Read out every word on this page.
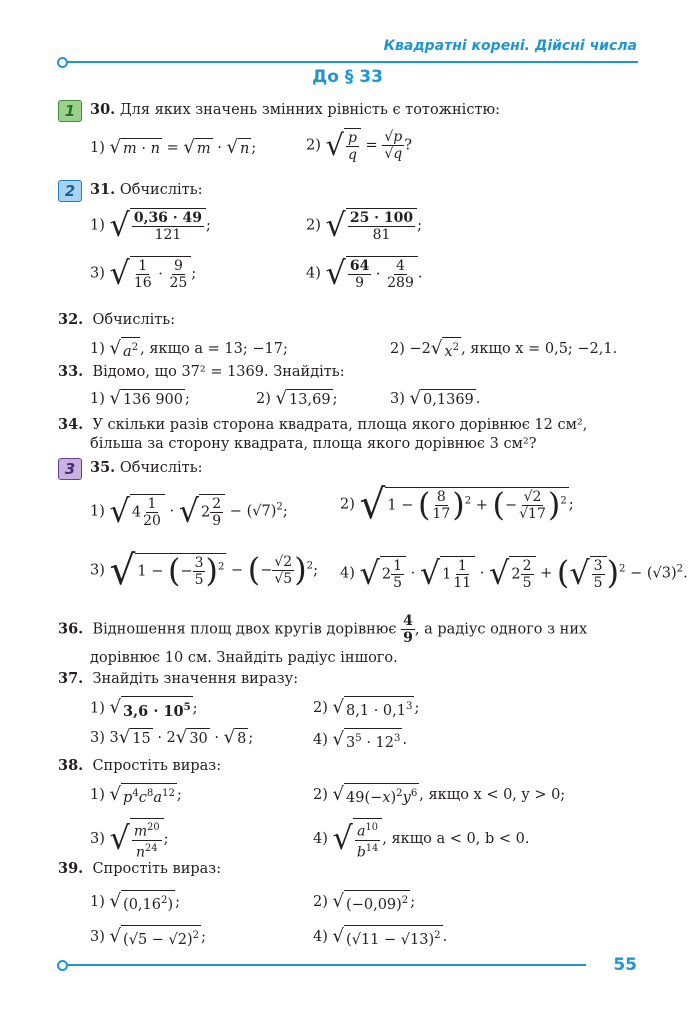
Квадратні корені. Дійсні числа
До § 33
1	30. Для яких значень змінних рівність є тотожністю:
1) √ m · n = √ m · √ n ;	2) √ $\frac{p}{q} = \frac{√p}{√q}$ ?
2	31. Обчисліть:
1) √ $\frac{0,36 \cdot 49}{121}$ ;	2) √ $\frac{25 \cdot 100}{81}$ ;
3) √ $\frac{1}{16} \cdot \frac{9}{25}$ ;	4) √ $\frac{64}{9} \cdot \frac{4}{289}$ .
32. Обчисліть:
1) √ $a^2$ , якщо a = 13; −17;	2) −2√ $x^2$ , якщо x = 0,5; −2,1.
33. Відомо, що 37² = 1369. Знайдіть:
1) √ 136 900 ;	2) √ 13,69 ;	3) √ 0,1369 .
34. У скільки разів сторона квадрата, площа якого дорівнює 12 см²,
більша за сторону квадрата, площа якого дорівнює 3 см²?
3	35. Обчисліть:
1) √ $4 \frac{1}{20}$ · √ $2 \frac{2}{9} - (√7)^2$;	2) √ 1 − ( $\frac{8}{17} )^2$ + (− $\frac{√2}{√17} )^2$ ;
3) √ 1 − (− $\frac{3}{5} )^2$ − (− $\frac{√2}{√5} )^2$; 4) √ $2 \frac{1}{5}$ · √ $1 \frac{1}{11}$ · √ $2 \frac{2}{5}$ + (√ $\frac{3}{5} )^2 - (√3)^2$.
36. Відношення площ двох кругів дорівнює $\frac{4}{9}$ , а радіус одного з них
дорівнює 10 см. Знайдіть радіус іншого.
37. Знайдіть значення виразу:
1) √ $3,6 \cdot 10^5$ ;	2) √ $8,1 \cdot 0,1^3$ ;
3) 3√ 15 · 2√ 30 · √ 8 ;	4) √ $3^5 \cdot 12^3$ .
38. Спростіть вираз:
1) √ $p^4c^8a^{12}$ ;	2) √ $49(-x)^2y^6$ , якщо x < 0, y > 0;
3) √ $\frac{m^{20}}{n^{24}}$ ;	4) √ $\frac{a^{10}}{b^{14}}$ , якщо a < 0, b < 0.
39. Спростіть вираз:
1) √ (0,16$^2$) ;	2) √ $(-0,09)^2$ ;
3) √ $(√5 - √2)^2$ ;	4) √ $(√11 - √13)^2$ .
55
